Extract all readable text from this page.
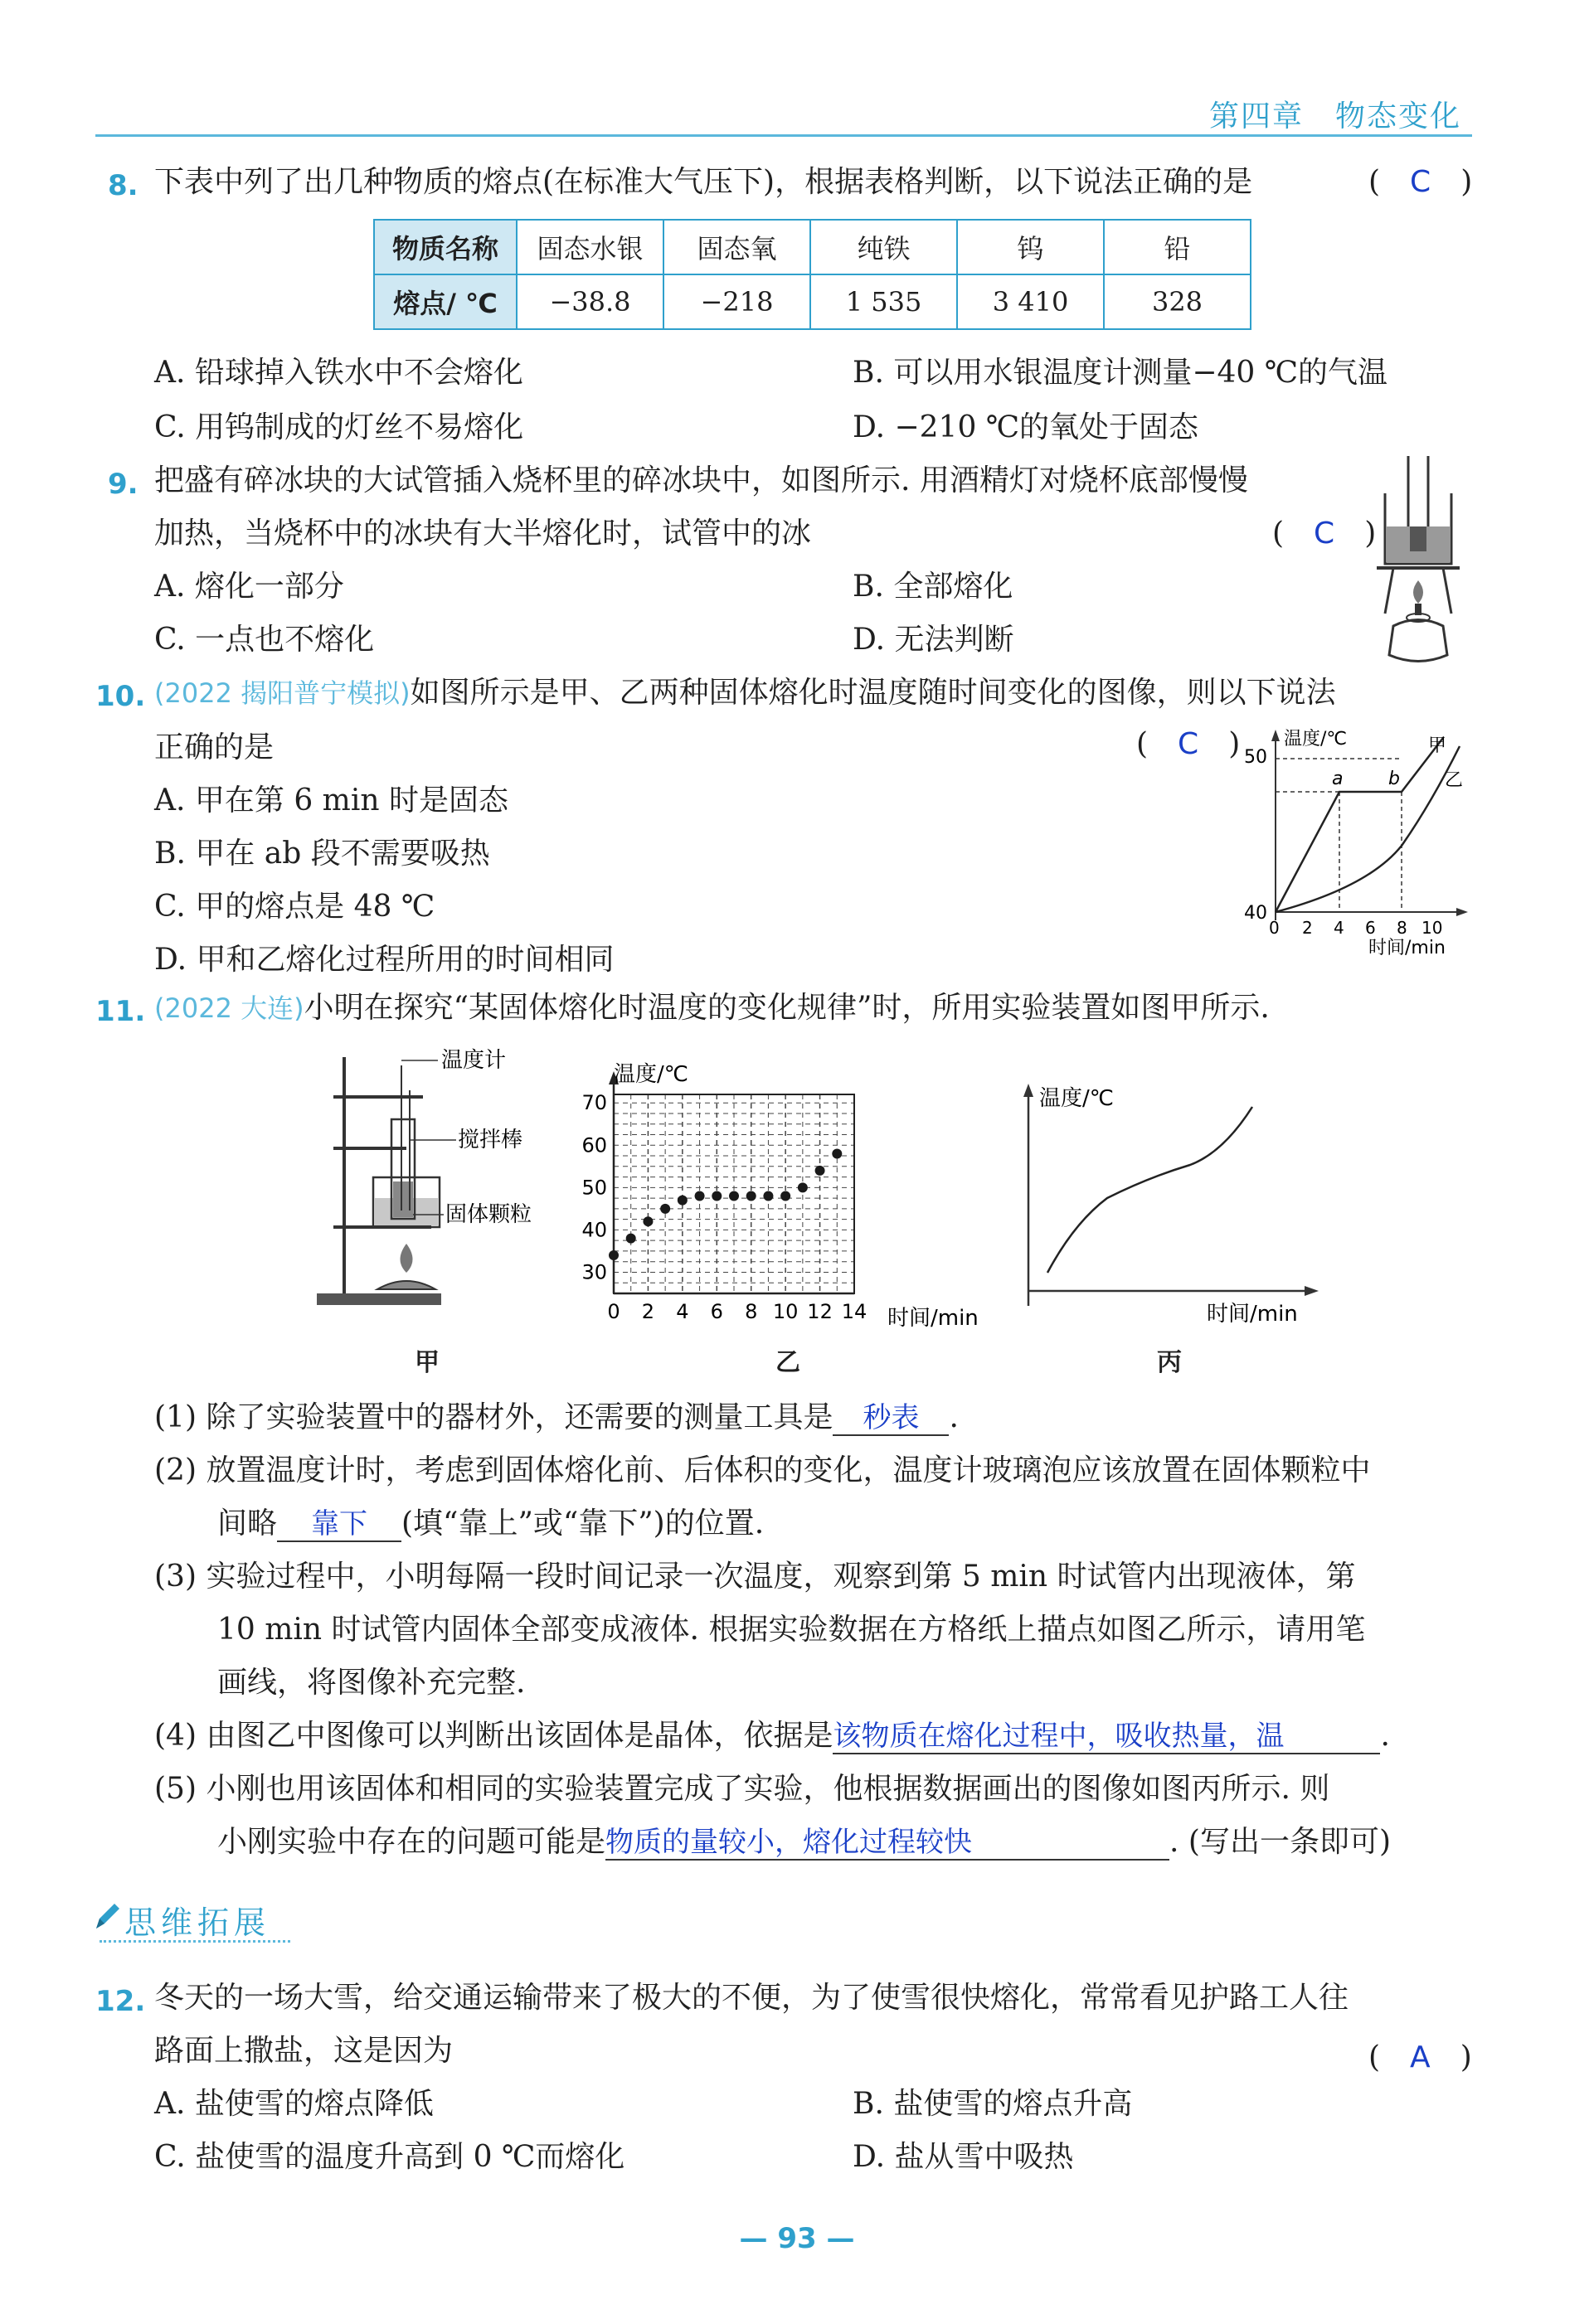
第四章　物态变化
8. 下表中列了出几种物质的熔点(在标准大气压下)，根据表格判断，以下说法正确的是	(　C　)
物质名称	固态水银	固态氧	纯铁	钨	铅
熔点/ ℃	−38.8	−218	1 535	3 410	328
A. 铅球掉入铁水中不会熔化	B. 可以用水银温度计测量−40 ℃的气温
C. 用钨制成的灯丝不易熔化	D. −210 ℃的氧处于固态
9. 把盛有碎冰块的大试管插入烧杯里的碎冰块中，如图所示. 用酒精灯对烧杯底部慢慢
加热，当烧杯中的冰块有大半熔化时，试管中的冰	(　C　)
A. 熔化一部分	B. 全部熔化
C. 一点也不熔化	D. 无法判断
10. (2022 揭阳普宁模拟)如图所示是甲、乙两种固体熔化时温度随时间变化的图像，则以下说法
正确的是	(　C　)
A. 甲在第 6 min 时是固态
B. 甲在 ab 段不需要吸热
C. 甲的熔点是 48 ℃
D. 甲和乙熔化过程所用的时间相同
温度/℃
50
40
a b
甲
乙
0 2 4 6 8 10
时间/min
11. (2022 大连)小明在探究“某固体熔化时温度的变化规律”时，所用实验装置如图甲所示.
温度计
搅拌棒
固体颗粒
甲
0 2 4 6 8 10 12 14
30
40
50
60
70
温度/℃
时间/min
乙
温度/℃
时间/min
丙
(1) 除了实验装置中的器材外，还需要的测量工具是 秒表 .
(2) 放置温度计时，考虑到固体熔化前、后体积的变化，温度计玻璃泡应该放置在固体颗粒中
间略 靠下 (填“靠上”或“靠下”)的位置.
(3) 实验过程中，小明每隔一段时间记录一次温度，观察到第 5 min 时试管内出现液体，第
10 min 时试管内固体全部变成液体. 根据实验数据在方格纸上描点如图乙所示，请用笔
画线，将图像补充完整.
(4) 由图乙中图像可以判断出该固体是晶体，依据是该物质在熔化过程中，吸收热量，温	.
(5) 小刚也用该固体和相同的实验装置完成了实验，他根据数据画出的图像如图丙所示. 则
小刚实验中存在的问题可能是物质的量较小，熔化过程较快	. (写出一条即可)
思维拓展
12. 冬天的一场大雪，给交通运输带来了极大的不便，为了使雪很快熔化，常常看见护路工人往
路面上撒盐，这是因为	(　A　)
A. 盐使雪的熔点降低	B. 盐使雪的熔点升高
C. 盐使雪的温度升高到 0 ℃而熔化	D. 盐从雪中吸热
— 93 —
